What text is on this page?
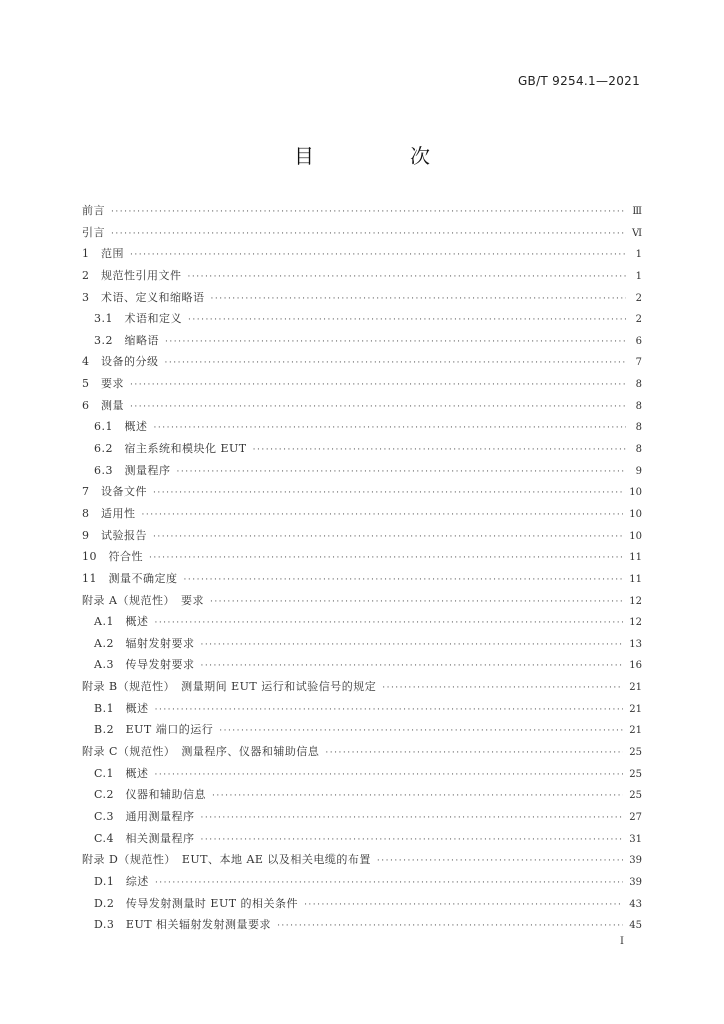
GB/T 9254.1—2021
目　次
前言 ·····	Ⅲ
引言 ·····	Ⅵ
1　范围 ·····	1
2　规范性引用文件 ·····	1
3　术语、定义和缩略语 ·····	2
3.1　术语和定义 ·····	2
3.2　缩略语 ·····	6
4　设备的分级 ·····	7
5　要求 ·····	8
6　测量 ·····	8
6.1　概述 ·····	8
6.2　宿主系统和模块化 EUT ·····	8
6.3　测量程序 ·····	9
7　设备文件 ·····	10
8　适用性 ·····	10
9　试验报告 ·····	10
10　符合性 ·····	11
11　测量不确定度 ·····	11
附录 A（规范性）　要求 ·····	12
A.1　概述 ·····	12
A.2　辐射发射要求 ·····	13
A.3　传导发射要求 ·····	16
附录 B（规范性）　测量期间 EUT 运行和试验信号的规定 ·····	21
B.1　概述 ·····	21
B.2　EUT 端口的运行 ·····	21
附录 C（规范性）　测量程序、仪器和辅助信息 ·····	25
C.1　概述 ·····	25
C.2　仪器和辅助信息 ·····	25
C.3　通用测量程序 ·····	27
C.4　相关测量程序 ·····	31
附录 D（规范性）　EUT、本地 AE 以及相关电缆的布置 ·····	39
D.1　综述 ·····	39
D.2　传导发射测量时 EUT 的相关条件 ·····	43
D.3　EUT 相关辐射发射测量要求 ·····	45
I
